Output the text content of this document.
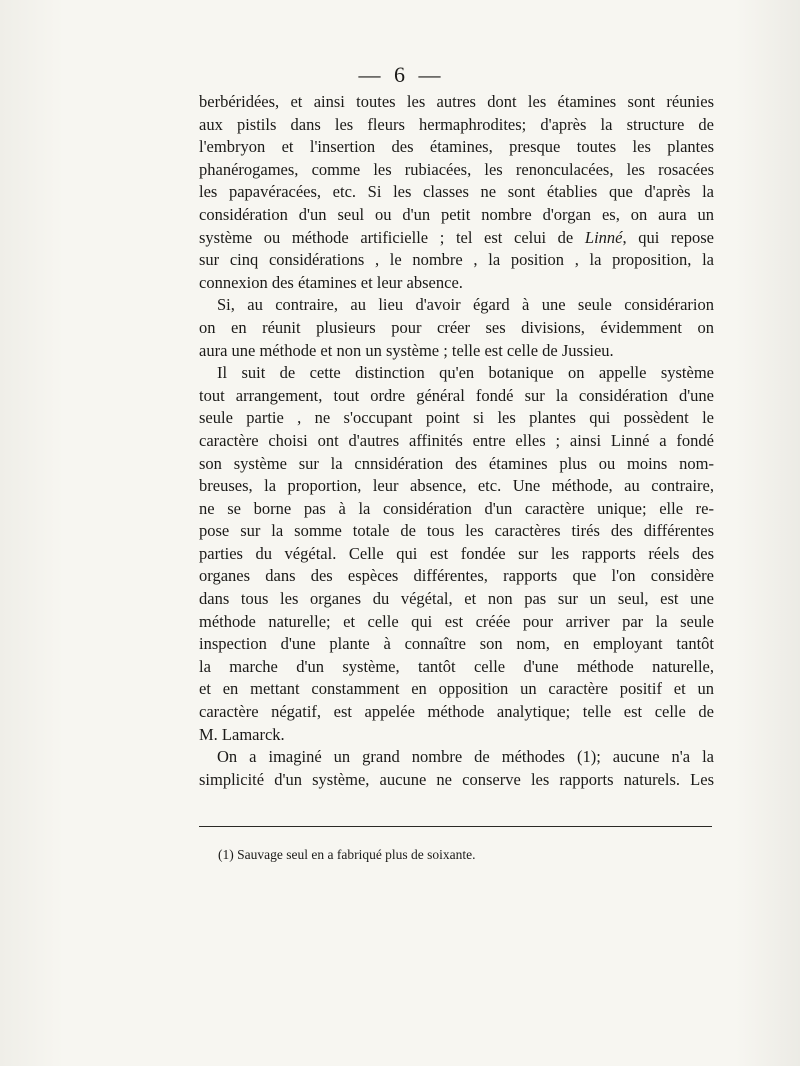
— 6 —
berbéridées, et ainsi toutes les autres dont les étamines sont réunies
aux pistils dans les fleurs hermaphrodites; d'après la structure de
l'embryon et l'insertion des étamines, presque toutes les plantes
phanérogames, comme les rubiacées, les renonculacées, les rosacées
les papavéracées, etc. Si les classes ne sont établies que d'après la
considération d'un seul ou d'un petit nombre d'organ es, on aura un
système ou méthode artificielle ; tel est celui de Linné, qui repose
sur cinq considérations , le nombre , la position , la proposition, la
connexion des étamines et leur absence.
Si, au contraire, au lieu d'avoir égard à une seule considérarion
on en réunit plusieurs pour créer ses divisions, évidemment on
aura une méthode et non un système ; telle est celle de Jussieu.
Il suit de cette distinction qu'en botanique on appelle système
tout arrangement, tout ordre général fondé sur la considération d'une
seule partie , ne s'occupant point si les plantes qui possèdent le
caractère choisi ont d'autres affinités entre elles ; ainsi Linné a fondé
son système sur la cnnsidération des étamines plus ou moins nom-
breuses, la proportion, leur absence, etc. Une méthode, au contraire,
ne se borne pas à la considération d'un caractère unique; elle re-
pose sur la somme totale de tous les caractères tirés des différentes
parties du végétal. Celle qui est fondée sur les rapports réels des
organes dans des espèces différentes, rapports que l'on considère
dans tous les organes du végétal, et non pas sur un seul, est une
méthode naturelle; et celle qui est créée pour arriver par la seule
inspection d'une plante à connaître son nom, en employant tantôt
la marche d'un système, tantôt celle d'une méthode naturelle,
et en mettant constamment en opposition un caractère positif et un
caractère négatif, est appelée méthode analytique; telle est celle de
M. Lamarck.
On a imaginé un grand nombre de méthodes (1); aucune n'a la
simplicité d'un système, aucune ne conserve les rapports naturels. Les
(1) Sauvage seul en a fabriqué plus de soixante.
